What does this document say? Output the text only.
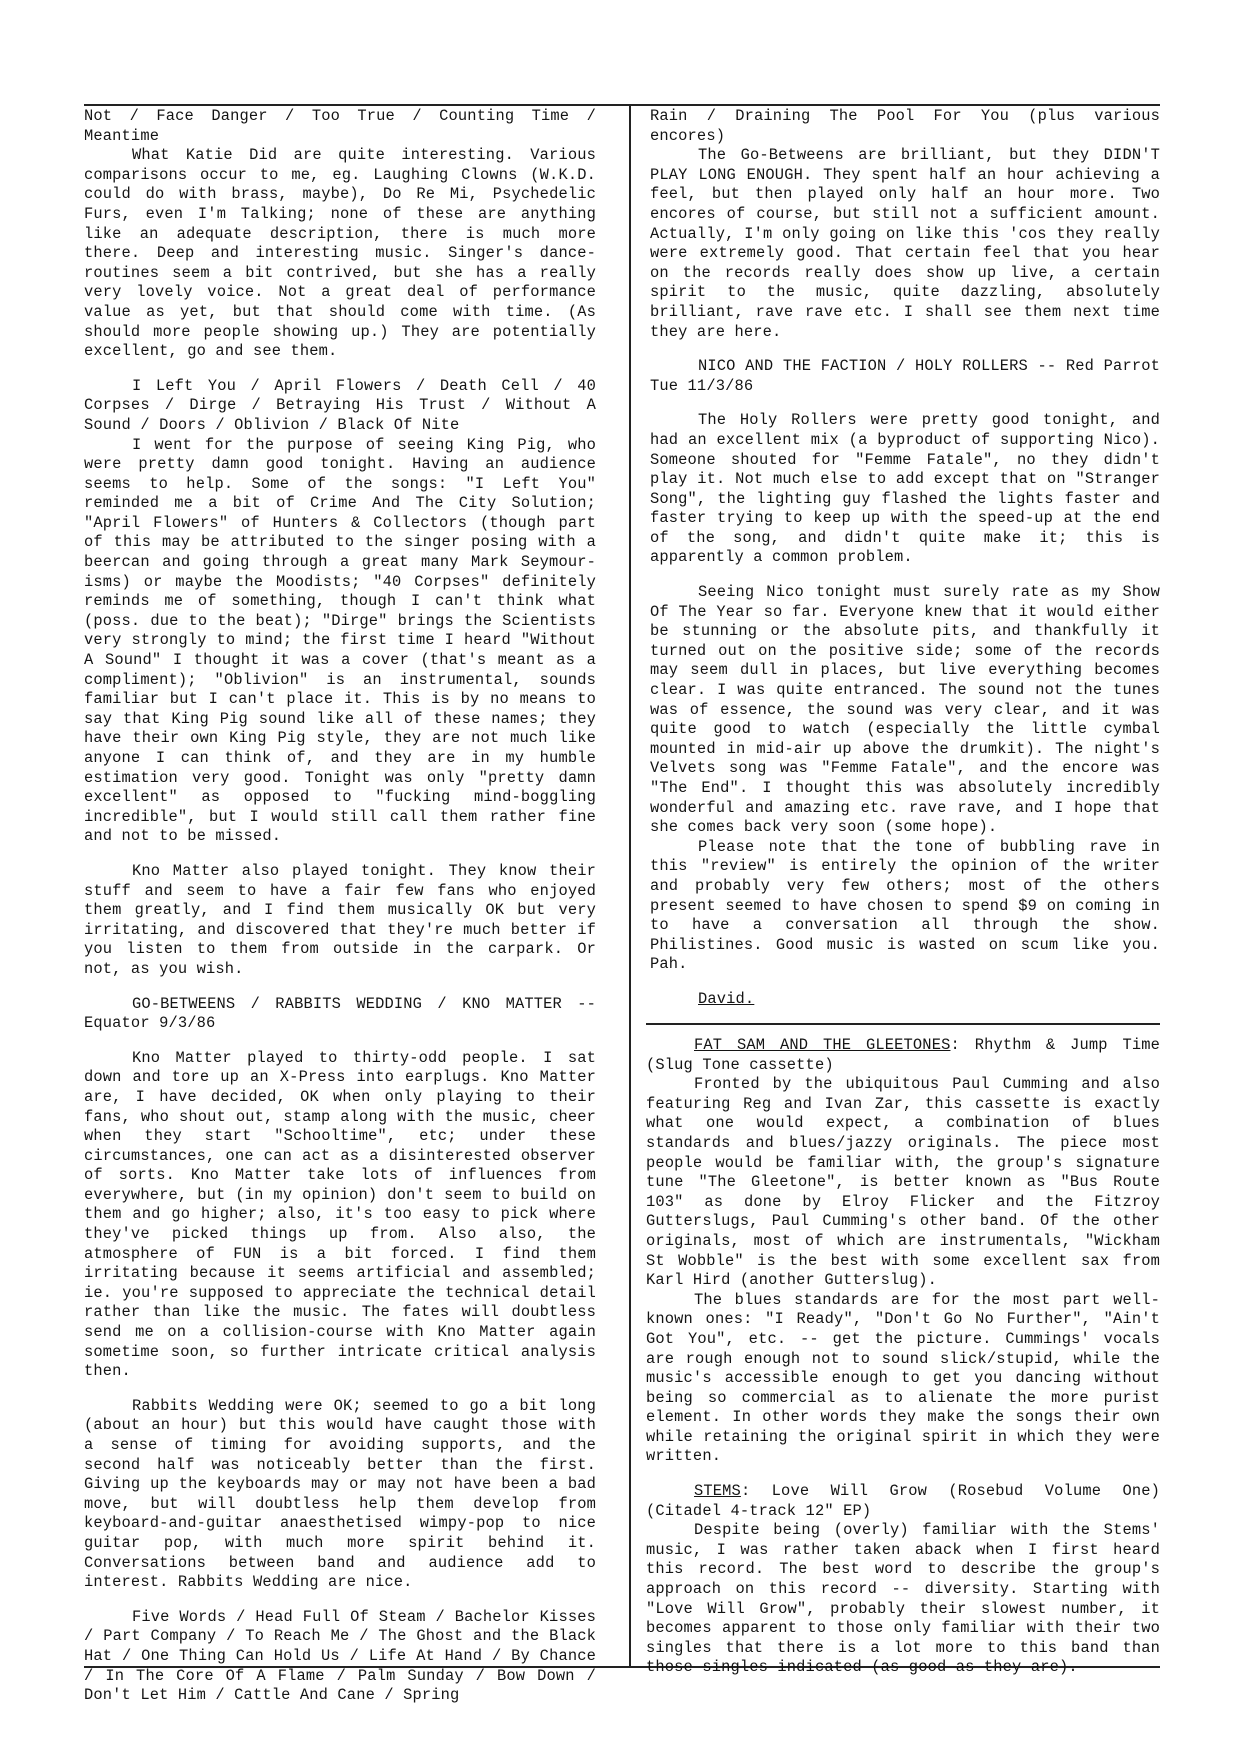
Not / Face Danger / Too True / Counting Time / Meantime

What Katie Did are quite interesting. Various comparisons occur to me, eg. Laughing Clowns (W.K.D. could do with brass, maybe), Do Re Mi, Psychedelic Furs, even I'm Talking; none of these are anything like an adequate description, there is much more there. Deep and interesting music. Singer's dance-routines seem a bit contrived, but she has a really very lovely voice. Not a great deal of performance value as yet, but that should come with time. (As should more people showing up.) They are potentially excellent, go and see them.

I Left You / April Flowers / Death Cell / 40 Corpses / Dirge / Betraying His Trust / Without A Sound / Doors / Oblivion / Black Of Nite

I went for the purpose of seeing King Pig, who were pretty damn good tonight. Having an audience seems to help. Some of the songs: "I Left You" reminded me a bit of Crime And The City Solution; "April Flowers" of Hunters & Collectors (though part of this may be attributed to the singer posing with a beercan and going through a great many Mark Seymour-isms) or maybe the Moodists; "40 Corpses" definitely reminds me of something, though I can't think what (poss. due to the beat); "Dirge" brings the Scientists very strongly to mind; the first time I heard "Without A Sound" I thought it was a cover (that's meant as a compliment); "Oblivion" is an instrumental, sounds familiar but I can't place it. This is by no means to say that King Pig sound like all of these names; they have their own King Pig style, they are not much like anyone I can think of, and they are in my humble estimation very good. Tonight was only "pretty damn excellent" as opposed to "fucking mind-boggling incredible", but I would still call them rather fine and not to be missed.

Kno Matter also played tonight. They know their stuff and seem to have a fair few fans who enjoyed them greatly, and I find them musically OK but very irritating, and discovered that they're much better if you listen to them from outside in the carpark. Or not, as you wish.

GO-BETWEENS / RABBITS WEDDING / KNO MATTER -- Equator 9/3/86

Kno Matter played to thirty-odd people. I sat down and tore up an X-Press into earplugs. Kno Matter are, I have decided, OK when only playing to their fans, who shout out, stamp along with the music, cheer when they start "Schooltime", etc; under these circumstances, one can act as a disinterested observer of sorts. Kno Matter take lots of influences from everywhere, but (in my opinion) don't seem to build on them and go higher; also, it's too easy to pick where they've picked things up from. Also also, the atmosphere of FUN is a bit forced. I find them irritating because it seems artificial and assembled; ie. you're supposed to appreciate the technical detail rather than like the music. The fates will doubtless send me on a collision-course with Kno Matter again sometime soon, so further intricate critical analysis then.

Rabbits Wedding were OK; seemed to go a bit long (about an hour) but this would have caught those with a sense of timing for avoiding supports, and the second half was noticeably better than the first. Giving up the keyboards may or may not have been a bad move, but will doubtless help them develop from keyboard-and-guitar anaesthetised wimpy-pop to nice guitar pop, with much more spirit behind it. Conversations between band and audience add to interest. Rabbits Wedding are nice.

Five Words / Head Full Of Steam / Bachelor Kisses / Part Company / To Reach Me / The Ghost and the Black Hat / One Thing Can Hold Us / Life At Hand / By Chance / In The Core Of A Flame / Palm Sunday / Bow Down / Don't Let Him / Cattle And Cane / Spring

Rain / Draining The Pool For You (plus various encores)

The Go-Betweens are brilliant, but they DIDN'T PLAY LONG ENOUGH. They spent half an hour achieving a feel, but then played only half an hour more. Two encores of course, but still not a sufficient amount. Actually, I'm only going on like this 'cos they really were extremely good. That certain feel that you hear on the records really does show up live, a certain spirit to the music, quite dazzling, absolutely brilliant, rave rave etc. I shall see them next time they are here.

NICO AND THE FACTION / HOLY ROLLERS -- Red Parrot Tue 11/3/86

The Holy Rollers were pretty good tonight, and had an excellent mix (a byproduct of supporting Nico). Someone shouted for "Femme Fatale", no they didn't play it. Not much else to add except that on "Stranger Song", the lighting guy flashed the lights faster and faster trying to keep up with the speed-up at the end of the song, and didn't quite make it; this is apparently a common problem.

Seeing Nico tonight must surely rate as my Show Of The Year so far. Everyone knew that it would either be stunning or the absolute pits, and thankfully it turned out on the positive side; some of the records may seem dull in places, but live everything becomes clear. I was quite entranced. The sound not the tunes was of essence, the sound was very clear, and it was quite good to watch (especially the little cymbal mounted in mid-air up above the drumkit). The night's Velvets song was "Femme Fatale", and the encore was "The End". I thought this was absolutely incredibly wonderful and amazing etc. rave rave, and I hope that she comes back very soon (some hope).

Please note that the tone of bubbling rave in this "review" is entirely the opinion of the writer and probably very few others; most of the others present seemed to have chosen to spend $9 on coming in to have a conversation all through the show. Philistines. Good music is wasted on scum like you. Pah.

David.

FAT SAM AND THE GLEETONES: Rhythm & Jump Time (Slug Tone cassette)

Fronted by the ubiquitous Paul Cumming and also featuring Reg and Ivan Zar, this cassette is exactly what one would expect, a combination of blues standards and blues/jazzy originals. The piece most people would be familiar with, the group's signature tune "The Gleetone", is better known as "Bus Route 103" as done by Elroy Flicker and the Fitzroy Gutterslugs, Paul Cumming's other band. Of the other originals, most of which are instrumentals, "Wickham St Wobble" is the best with some excellent sax from Karl Hird (another Gutterslug).

The blues standards are for the most part well-known ones: "I Ready", "Don't Go No Further", "Ain't Got You", etc. -- get the picture. Cummings' vocals are rough enough not to sound slick/stupid, while the music's accessible enough to get you dancing without being so commercial as to alienate the more purist element. In other words they make the songs their own while retaining the original spirit in which they were written.

STEMS: Love Will Grow (Rosebud Volume One) (Citadel 4-track 12" EP)

Despite being (overly) familiar with the Stems' music, I was rather taken aback when I first heard this record. The best word to describe the group's approach on this record -- diversity. Starting with "Love Will Grow", probably their slowest number, it becomes apparent to those only familiar with their two singles that there is a lot more to this band than those singles indicated (as good as they are).
